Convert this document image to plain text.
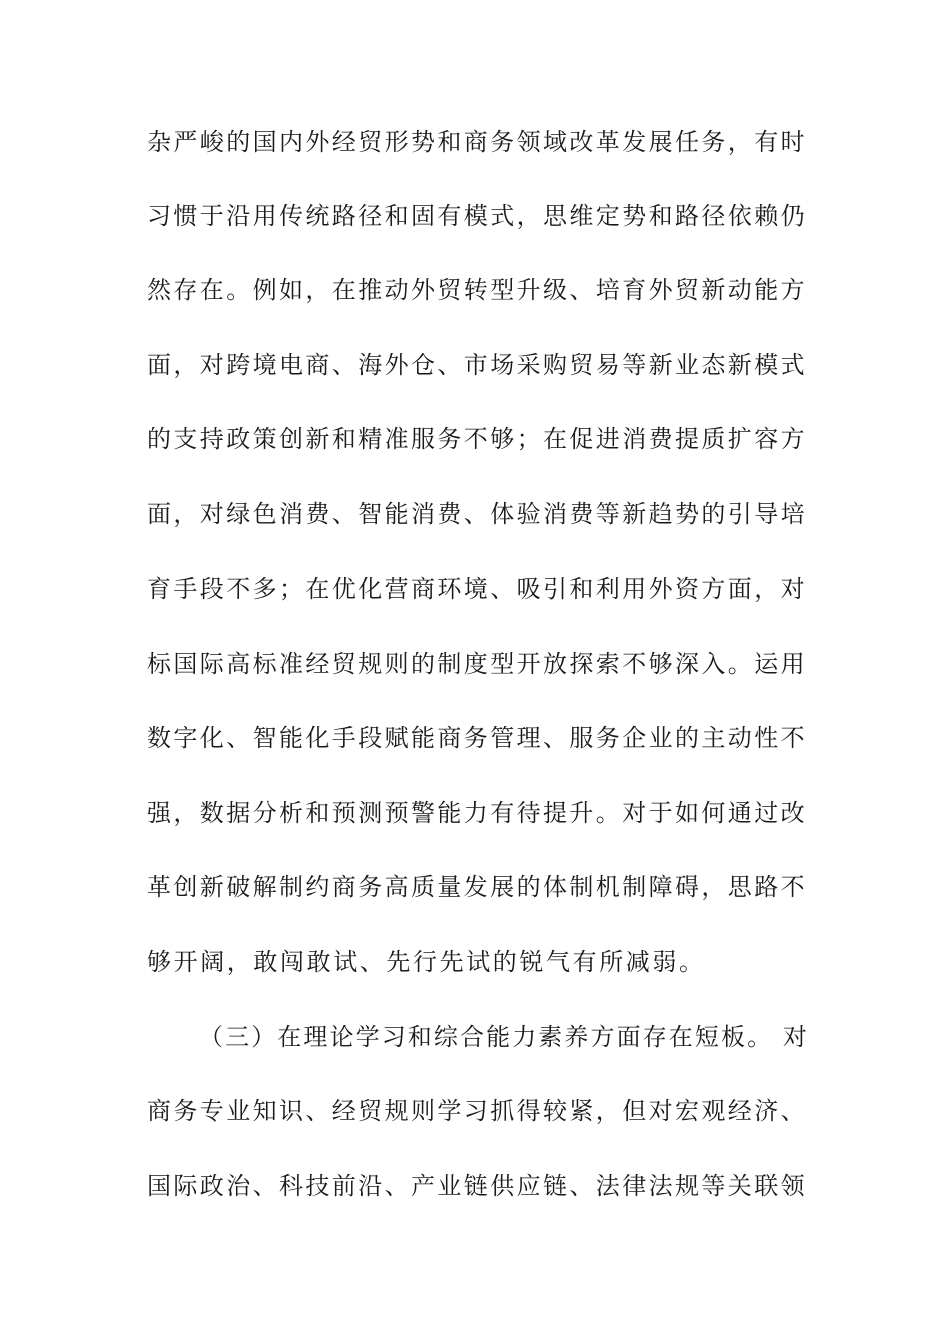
杂严峻的国内外经贸形势和商务领域改革发展任务，有时
习惯于沿用传统路径和固有模式，思维定势和路径依赖仍
然存在。例如，在推动外贸转型升级、培育外贸新动能方
面，对跨境电商、海外仓、市场采购贸易等新业态新模式
的支持政策创新和精准服务不够；在促进消费提质扩容方
面，对绿色消费、智能消费、体验消费等新趋势的引导培
育手段不多；在优化营商环境、吸引和利用外资方面，对
标国际高标准经贸规则的制度型开放探索不够深入。运用
数字化、智能化手段赋能商务管理、服务企业的主动性不
强，数据分析和预测预警能力有待提升。对于如何通过改
革创新破解制约商务高质量发展的体制机制障碍，思路不
够开阔，敢闯敢试、先行先试的锐气有所减弱。
（三）在理论学习和综合能力素养方面存在短板。 对
商务专业知识、经贸规则学习抓得较紧，但对宏观经济、
国际政治、科技前沿、产业链供应链、法律法规等关联领
